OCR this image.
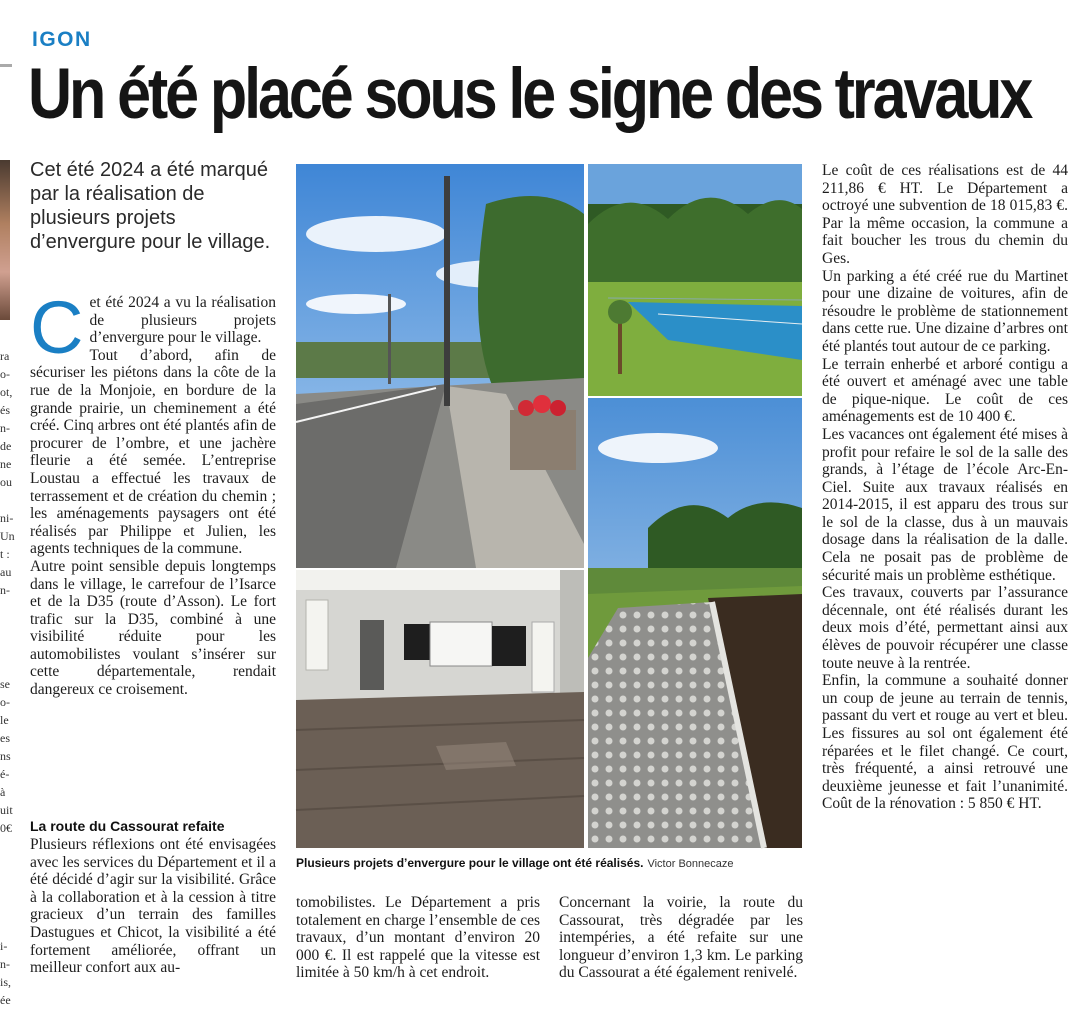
IGON
Un été placé sous le signe des travaux
ra
o-
ot,
és
n-
de
ne
ou
ni-
Un
t :
au
n-
se
o-
le
es
ns
é-
à
uit
0€
i-
n-
is,
ée
Cet été 2024 a été marqué par la réalisation de plusieurs projets d’envergure pour le village.

Cet été 2024 a vu la réalisation de plusieurs projets d’envergure pour le village.

Tout d’abord, afin de sécuriser les piétons dans la côte de la rue de la Monjoie, en bordure de la grande prairie, un cheminement a été créé. Cinq arbres ont été plantés afin de procurer de l’ombre, et une jachère fleurie a été semée. L’entreprise Loustau a effectué les travaux de terrassement et de création du chemin ; les aménagements paysagers ont été réalisés par Philippe et Julien, les agents techniques de la commune.

Autre point sensible depuis longtemps dans le village, le carrefour de l’Isarce et de la D35 (route d’Asson). Le fort trafic sur la D35, combiné à une visibilité réduite pour les automobilistes voulant s’insérer sur cette départementale, rendait dangereux ce croisement.

La route du Cassourat refaite
Plusieurs réflexions ont été envisagées avec les services du Département et il a été décidé d’agir sur la visibilité. Grâce à la collaboration et à la cession à titre gracieux d’un terrain des familles Dastugues et Chicot, la visibilité a été fortement améliorée, offrant un meilleur confort aux au-
Plusieurs projets d’envergure pour le village ont été réalisés. Victor Bonnecaze
tomobilistes. Le Département a pris totalement en charge l’ensemble de ces travaux, d’un montant d’environ 20 000 €. Il est rappelé que la vitesse est limitée à 50 km/h à cet endroit.
Concernant la voirie, la route du Cassourat, très dégradée par les intempéries, a été refaite sur une longueur d’environ 1,3 km. Le parking du Cassourat a été également renivelé.

Le coût de ces réalisations est de 44 211,86 € HT. Le Département a octroyé une subvention de 18 015,83 €. Par la même occasion, la commune a fait boucher les trous du chemin du Ges.

Un parking a été créé rue du Martinet pour une dizaine de voitures, afin de résoudre le problème de stationnement dans cette rue. Une dizaine d’arbres ont été plantés tout autour de ce parking.

Le terrain enherbé et arboré contigu a été ouvert et aménagé avec une table de pique-nique. Le coût de ces aménagements est de 10 400 €.

Les vacances ont également été mises à profit pour refaire le sol de la salle des grands, à l’étage de l’école Arc-En-Ciel. Suite aux travaux réalisés en 2014-2015, il est apparu des trous sur le sol de la classe, dus à un mauvais dosage dans la réalisation de la dalle. Cela ne posait pas de problème de sécurité mais un problème esthétique.

Ces travaux, couverts par l’assurance décennale, ont été réalisés durant les deux mois d’été, permettant ainsi aux élèves de pouvoir récupérer une classe toute neuve à la rentrée.

Enfin, la commune a souhaité donner un coup de jeune au terrain de tennis, passant du vert et rouge au vert et bleu. Les fissures au sol ont également été réparées et le filet changé. Ce court, très fréquenté, a ainsi retrouvé une deuxième jeunesse et fait l’unanimité. Coût de la rénovation : 5 850 € HT.
